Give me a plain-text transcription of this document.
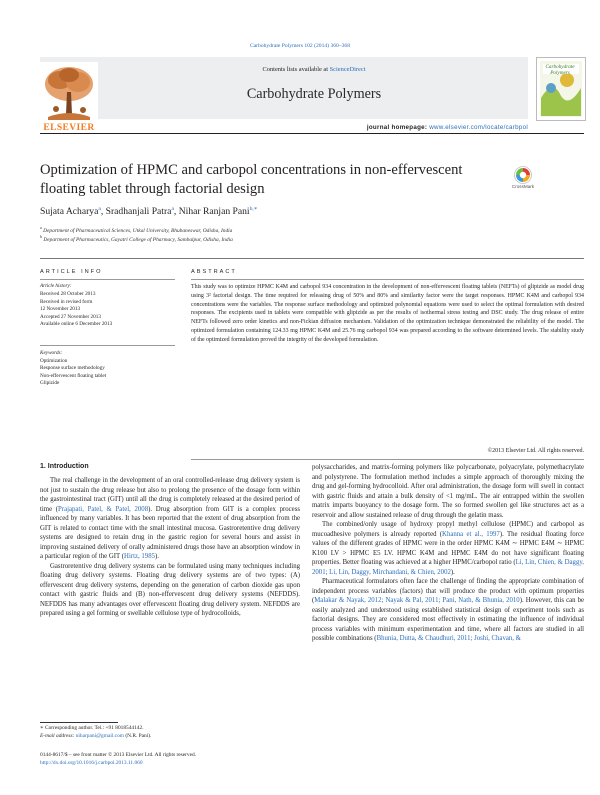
Carbohydrate Polymers 102 (2014) 360–368
ELSEVIER
Contents lists available at ScienceDirect
Carbohydrate Polymers
Carbohydrate Polymers
journal homepage: www.elsevier.com/locate/carbpol
Optimization of HPMC and carbopol concentrations in non-effervescent floating tablet through factorial design	CrossMark
Sujata Acharya$^a$, Sradhanjali Patra$^a$, Nihar Ranjan Pani$^{b,∗}$
$^a$ Department of Pharmaceutical Sciences, Utkal University, Bhubaneswar, Odisha, India
$^b$ Department of Pharmaceutics, Gayatri College of Pharmacy, Sambalpur, Odisha, India
ARTICLE INFO
Article history:
Received 28 October 2013
Received in revised form
12 November 2013
Accepted 27 November 2013
Available online 6 December 2013
Keywords:
Optimization
Response surface methodology
Non-effervescent floating tablet
Glipizide
ABSTRACT
This study was to optimize HPMC K4M and carbopol 934 concentration in the development of non-effervescent floating tablets (NEFTs) of glipizide as model drug using 3² factorial design. The time required for releasing drug of 50% and 80% and similarity factor were the target responses. HPMC K4M and carbopol 934 concentrations were the variables. The response surface methodology and optimized polynomial equations were used to select the optimal formulation with desired responses. The excipients used in tablets were compatible with glipizide as per the results of isothermal stress testing and DSC study. The drug release of entire NEFTs followed zero order kinetics and non-Fickian diffusion mechanism. Validation of the optimization technique demonstrated the reliability of the model. The optimized formulation containing 124.33 mg HPMC K4M and 25.76 mg carbopol 934 was prepared according to the software determined levels. The stability study of the optimized formulation proved the integrity of the developed formulation.
©2013 Elsevier Ltd. All rights reserved.
1. Introduction

The real challenge in the development of an oral controlled-release drug delivery system is not just to sustain the drug release but also to prolong the presence of the dosage form within the gastrointestinal tract (GIT) until all the drug is completely released at the desired period of time (Prajapati, Patel, & Patel, 2008). Drug absorption from GIT is a complex process influenced by many variables. It has been reported that the extent of drug absorption from the GIT is related to contact time with the small intestinal mucosa. Gastroretentive drug delivery systems are designed to retain drug in the gastric region for several hours and assist in improving sustained delivery of orally administered drugs those have an absorption window in a particular region of the GIT (Hirtz, 1985).

Gastroretentive drug delivery systems can be formulated using many techniques including floating drug delivery systems. Floating drug delivery systems are of two types: (A) effervescent drug delivery systems, depending on the generation of carbon dioxide gas upon contact with gastric fluids and (B) non-effervescent drug delivery systems (NEFDDS). NEFDDS has many advantages over effervescent floating drug delivery system. NEFDDS are prepared using a gel forming or swellable cellulose type of hydrocolloids,

polysaccharides, and matrix-forming polymers like polycarbonate, polyacrylate, polymethacrylate and polystyrene. The formulation method includes a simple approach of thoroughly mixing the drug and gel-forming hydrocolloid. After oral administration, the dosage form will swell in contact with gastric fluids and attain a bulk density of <1 mg/mL. The air entrapped within the swollen matrix imparts buoyancy to the dosage form. The so formed swollen gel like structures act as a reservoir and allow sustained release of drug through the gelatin mass.

The combined/only usage of hydroxy propyl methyl cellulose (HPMC) and carbopol as mucoadhesive polymers is already reported (Khanna et al., 1997). The residual floating force values of the different grades of HPMC were in the order HPMC K4M ∼ HPMC E4M ∼ HPMC K100 LV > HPMC E5 LV. HPMC K4M and HPMC E4M do not have significant floating properties. Better floating was achieved at a higher HPMC/carbopol ratio (Li, Lin, Chien, & Daggy, 2001; Li, Lin, Daggy, Mirchandani, & Chien, 2002).

Pharmaceutical formulators often face the challenge of finding the appropriate combination of independent process variables (factors) that will produce the product with optimum properties (Malakar & Nayak, 2012; Nayak & Pal, 2011; Pani, Nath, & Bhunia, 2010). However, this can be easily analyzed and understood using established statistical design of experiment tools such as factorial designs. They are considered most effectively in estimating the influence of individual process variables with minimum experimentation and time, where all factors are studied in all possible combinations (Bhunia, Dutta, & Chaudhuri, 2011; Joshi, Chavan, &

∗ Corresponding author. Tel.: +91 8018544142.
E-mail address: niharpani@gmail.com (N.R. Pani).
0144-8617/$ – see front matter © 2013 Elsevier Ltd. All rights reserved.
http://dx.doi.org/10.1016/j.carbpol.2013.11.060
